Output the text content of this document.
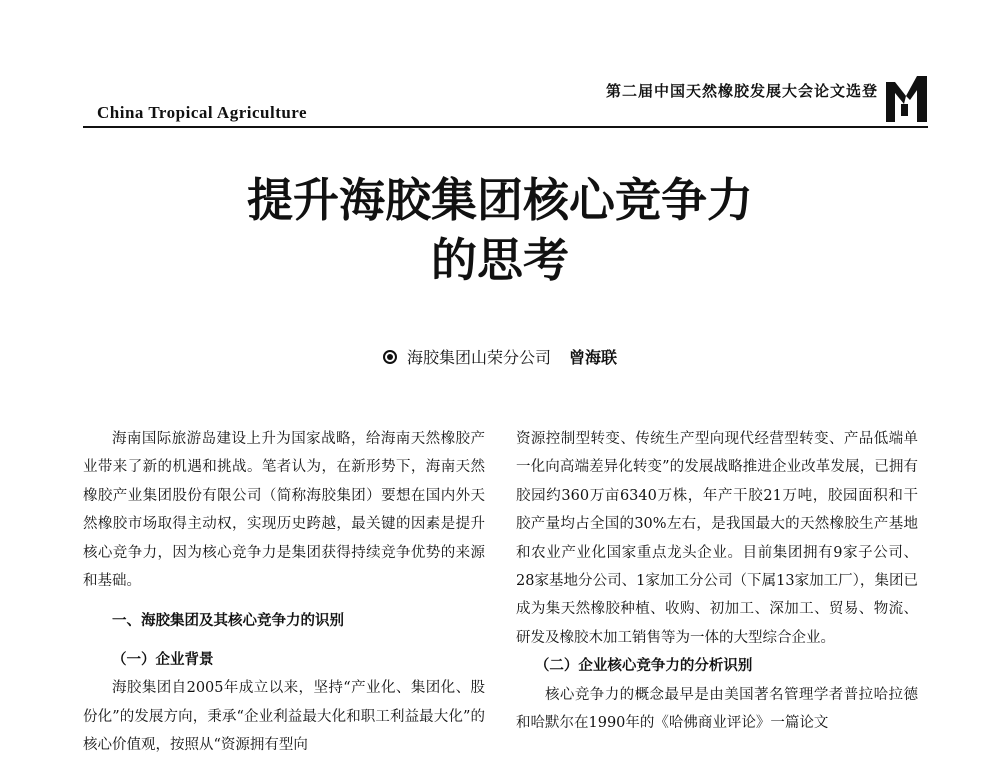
China Tropical Agriculture
第二届中国天然橡胶发展大会论文选登
提升海胶集团核心竞争力
的思考
海胶集团山荣分公司 曾海联
海南国际旅游岛建设上升为国家战略，给海南天然橡胶产业带来了新的机遇和挑战。笔者认为，在新形势下，海南天然橡胶产业集团股份有限公司（简称海胶集团）要想在国内外天然橡胶市场取得主动权，实现历史跨越，最关键的因素是提升核心竞争力，因为核心竞争力是集团获得持续竞争优势的来源和基础。
一、海胶集团及其核心竞争力的识别
（一）企业背景
海胶集团自2005年成立以来，坚持“产业化、集团化、股份化”的发展方向，秉承“企业利益最大化和职工利益最大化”的核心价值观，按照从“资源拥有型向
资源控制型转变、传统生产型向现代经营型转变、产品低端单一化向高端差异化转变”的发展战略推进企业改革发展，已拥有胶园约360万亩6340万株，年产干胶21万吨，胶园面积和干胶产量均占全国的30%左右，是我国最大的天然橡胶生产基地和农业产业化国家重点龙头企业。目前集团拥有9家子公司、28家基地分公司、1家加工分公司（下属13家加工厂），集团已成为集天然橡胶种植、收购、初加工、深加工、贸易、物流、研发及橡胶木加工销售等为一体的大型综合企业。
（二）企业核心竞争力的分析识别
核心竞争力的概念最早是由美国著名管理学者普拉哈拉德和哈默尔在1990年的《哈佛商业评论》一篇论文
